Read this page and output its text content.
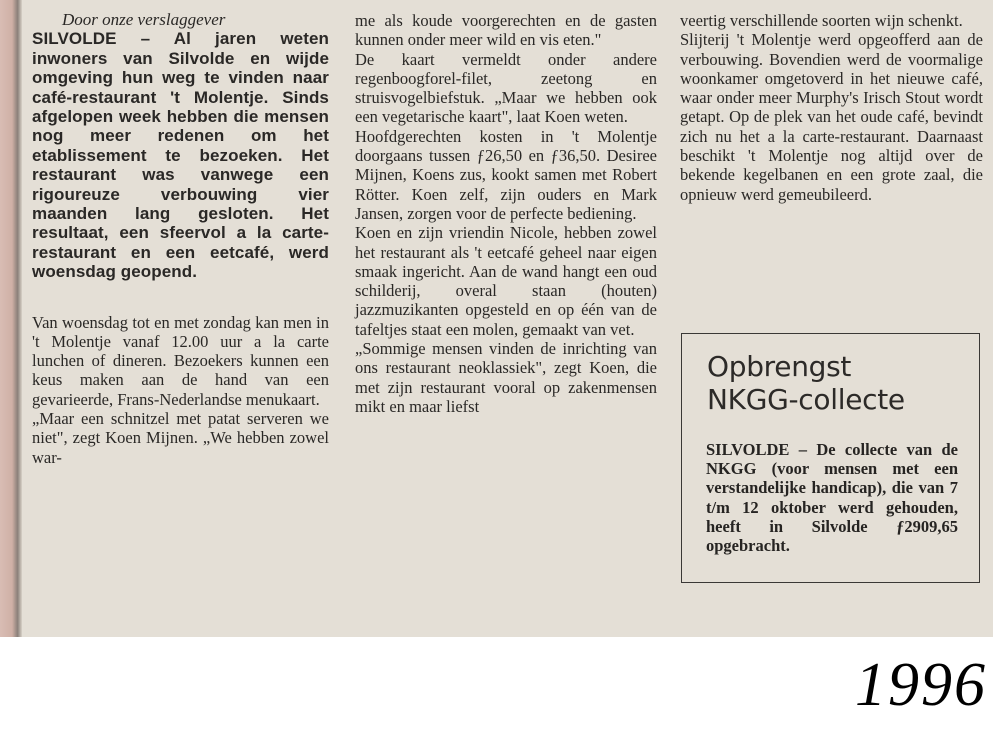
Door onze verslaggever

SILVOLDE – Al jaren weten inwoners van Silvolde en wijde omgeving hun weg te vinden naar café-restaurant 't Molentje. Sinds afgelopen week hebben die mensen nog meer redenen om het etablissement te bezoeken. Het restaurant was vanwege een rigoureuze verbouwing vier maanden lang gesloten. Het resultaat, een sfeervol a la carte-restaurant en een eetcafé, werd woensdag geopend.

Van woensdag tot en met zondag kan men in 't Molentje vanaf 12.00 uur a la carte lunchen of dineren. Bezoekers kunnen een keus maken aan de hand van een gevarieerde, Frans-Nederlandse menukaart.

„Maar een schnitzel met patat serveren we niet", zegt Koen Mijnen. „We hebben zowel war-

me als koude voorgerechten en de gasten kunnen onder meer wild en vis eten."

De kaart vermeldt onder andere regenboogforel-filet, zeetong en struisvogelbiefstuk. „Maar we hebben ook een vegetarische kaart", laat Koen weten.

Hoofdgerechten kosten in 't Molentje doorgaans tussen ƒ26,50 en ƒ36,50. Desiree Mijnen, Koens zus, kookt samen met Robert Rötter. Koen zelf, zijn ouders en Mark Jansen, zorgen voor de perfecte bediening.

Koen en zijn vriendin Nicole, hebben zowel het restaurant als 't eetcafé geheel naar eigen smaak ingericht. Aan de wand hangt een oud schilderij, overal staan (houten) jazzmuzikanten opgesteld en op één van de tafeltjes staat een molen, gemaakt van vet.

„Sommige mensen vinden de inrichting van ons restaurant neoklassiek", zegt Koen, die met zijn restaurant vooral op zakenmensen mikt en maar liefst

veertig verschillende soorten wijn schenkt.

Slijterij 't Molentje werd opgeofferd aan de verbouwing. Bovendien werd de voormalige woonkamer omgetoverd in het nieuwe café, waar onder meer Murphy's Irisch Stout wordt getapt. Op de plek van het oude café, bevindt zich nu het a la carte-restaurant. Daarnaast beschikt 't Molentje nog altijd over de bekende kegelbanen en een grote zaal, die opnieuw werd gemeubileerd.

Opbrengst
NKGG-collecte

SILVOLDE – De collecte van de NKGG (voor mensen met een verstandelijke handicap), die van 7 t/m 12 oktober werd gehouden, heeft in Silvolde ƒ2909,65 opgebracht.

1996
